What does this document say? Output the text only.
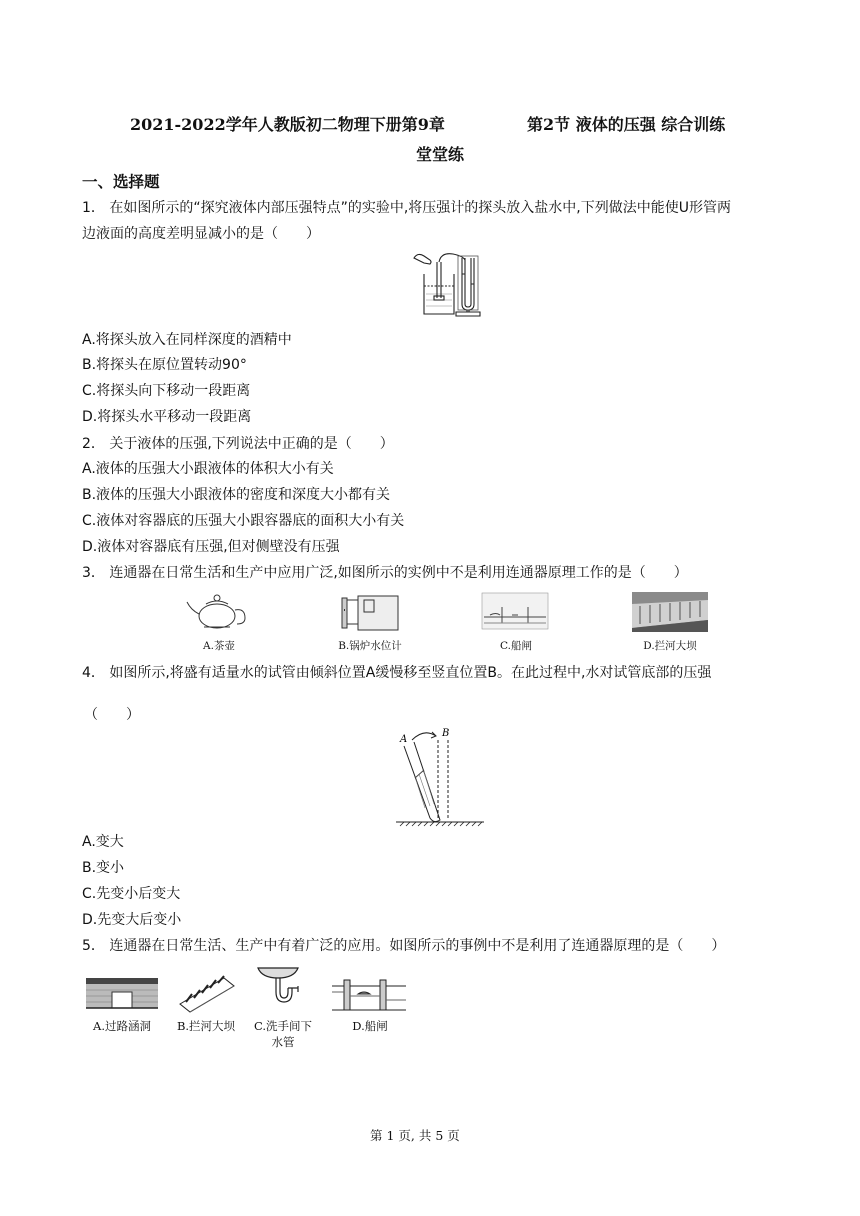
2021-2022学年人教版初二物理下册第9章	第2节 液体的压强 综合训练
堂堂练
一、选择题
1． 在如图所示的“探究液体内部压强特点”的实验中,将压强计的探头放入盐水中,下列做法中能使U形管两
边液面的高度差明显减小的是（　　）
A.将探头放入在同样深度的酒精中
B.将探头在原位置转动90°
C.将探头向下移动一段距离
D.将探头水平移动一段距离
2． 关于液体的压强,下列说法中正确的是（　　）
A.液体的压强大小跟液体的体积大小有关
B.液体的压强大小跟液体的密度和深度大小都有关
C.液体对容器底的压强大小跟容器底的面积大小有关
D.液体对容器底有压强,但对侧壁没有压强
3． 连通器在日常生活和生产中应用广泛,如图所示的实例中不是利用连通器原理工作的是（　　）
A.茶壶	B.锅炉水位计	C.船闸	D.拦河大坝
4． 如图所示,将盛有适量水的试管由倾斜位置A缓慢移至竖直位置B。在此过程中,水对试管底部的压强
（　　）
A
B
A.变大
B.变小
C.先变小后变大
D.先变大后变小
5． 连通器在日常生活、生产中有着广泛的应用。如图所示的事例中不是利用了连通器原理的是（　　）
A.过路涵洞	B.拦河大坝	C.洗手间下
水管
D.船闸
第 1 页, 共 5 页
